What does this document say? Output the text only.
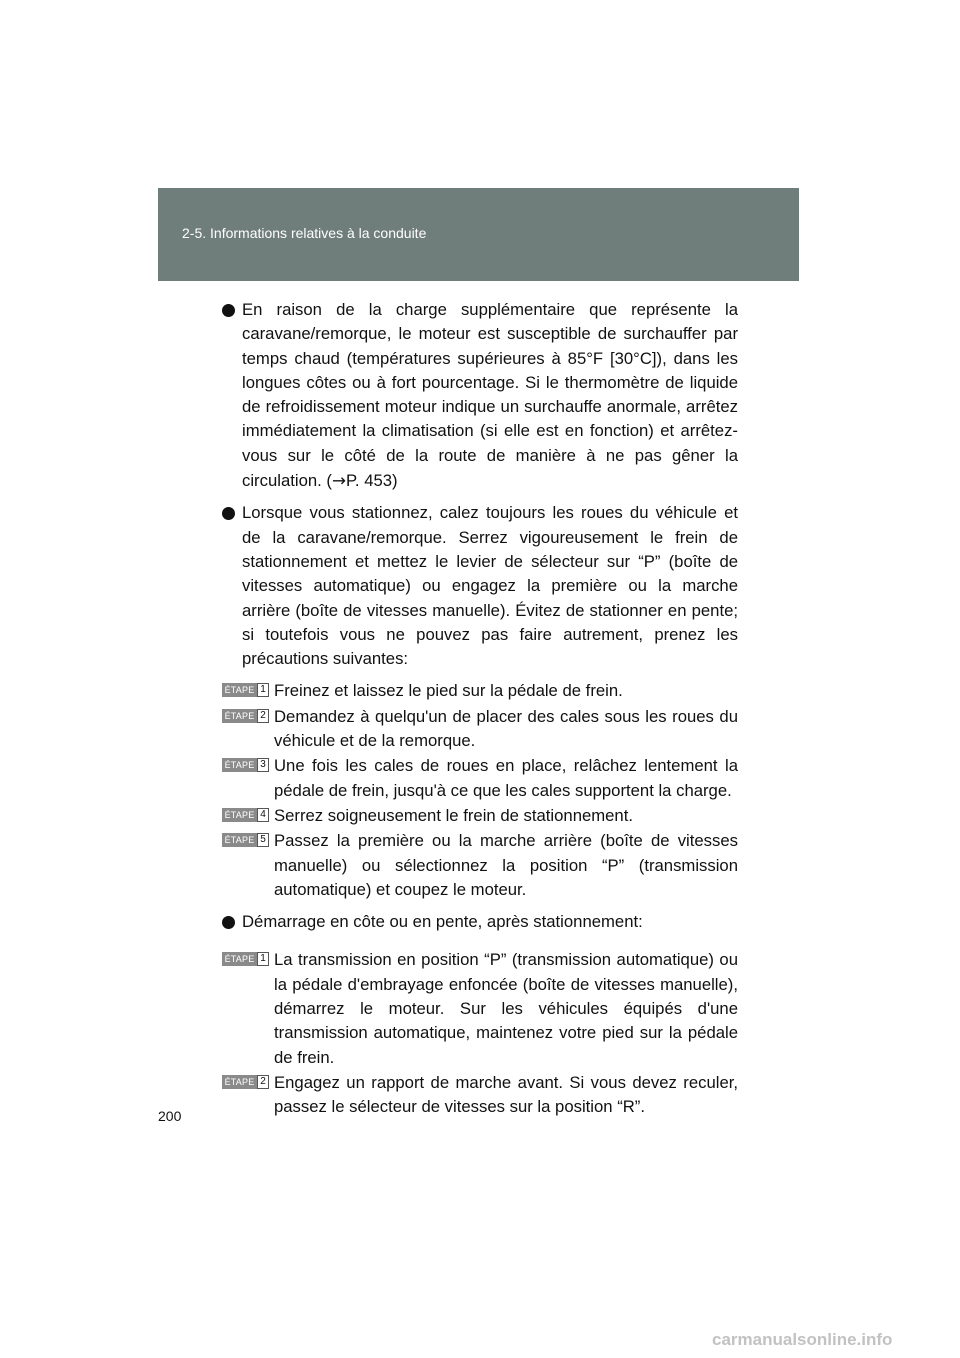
2-5. Informations relatives à la conduite
En raison de la charge supplémentaire que représente la caravane/remorque, le moteur est susceptible de surchauffer par temps chaud (températures supérieures à 85°F [30°C]), dans les longues côtes ou à fort pourcentage. Si le thermomètre de liquide de refroidissement moteur indique un surchauffe anormale, arrêtez immédiatement la climatisation (si elle est en fonction) et arrêtez-vous sur le côté de la route de manière à ne pas gêner la circulation. (→P. 453)
Lorsque vous stationnez, calez toujours les roues du véhicule et de la caravane/remorque. Serrez vigoureusement le frein de stationnement et mettez le levier de sélecteur sur “P” (boîte de vitesses automatique) ou engagez la première ou la marche arrière (boîte de vitesses manuelle). Évitez de stationner en pente; si toutefois vous ne pouvez pas faire autrement, prenez les précautions suivantes:
ÉTAPE 1 Freinez et laissez le pied sur la pédale de frein.
ÉTAPE 2 Demandez à quelqu'un de placer des cales sous les roues du véhicule et de la remorque.
ÉTAPE 3 Une fois les cales de roues en place, relâchez lentement la pédale de frein, jusqu'à ce que les cales supportent la charge.
ÉTAPE 4 Serrez soigneusement le frein de stationnement.
ÉTAPE 5 Passez la première ou la marche arrière (boîte de vitesses manuelle) ou sélectionnez la position “P” (transmission automatique) et coupez le moteur.
Démarrage en côte ou en pente, après stationnement:
ÉTAPE 1 La transmission en position “P” (transmission automatique) ou la pédale d'embrayage enfoncée (boîte de vitesses manuelle), démarrez le moteur. Sur les véhicules équipés d'une transmission automatique, maintenez votre pied sur la pédale de frein.
ÉTAPE 2 Engagez un rapport de marche avant. Si vous devez reculer, passez le sélecteur de vitesses sur la position “R”.
200
carmanualsonline.info
